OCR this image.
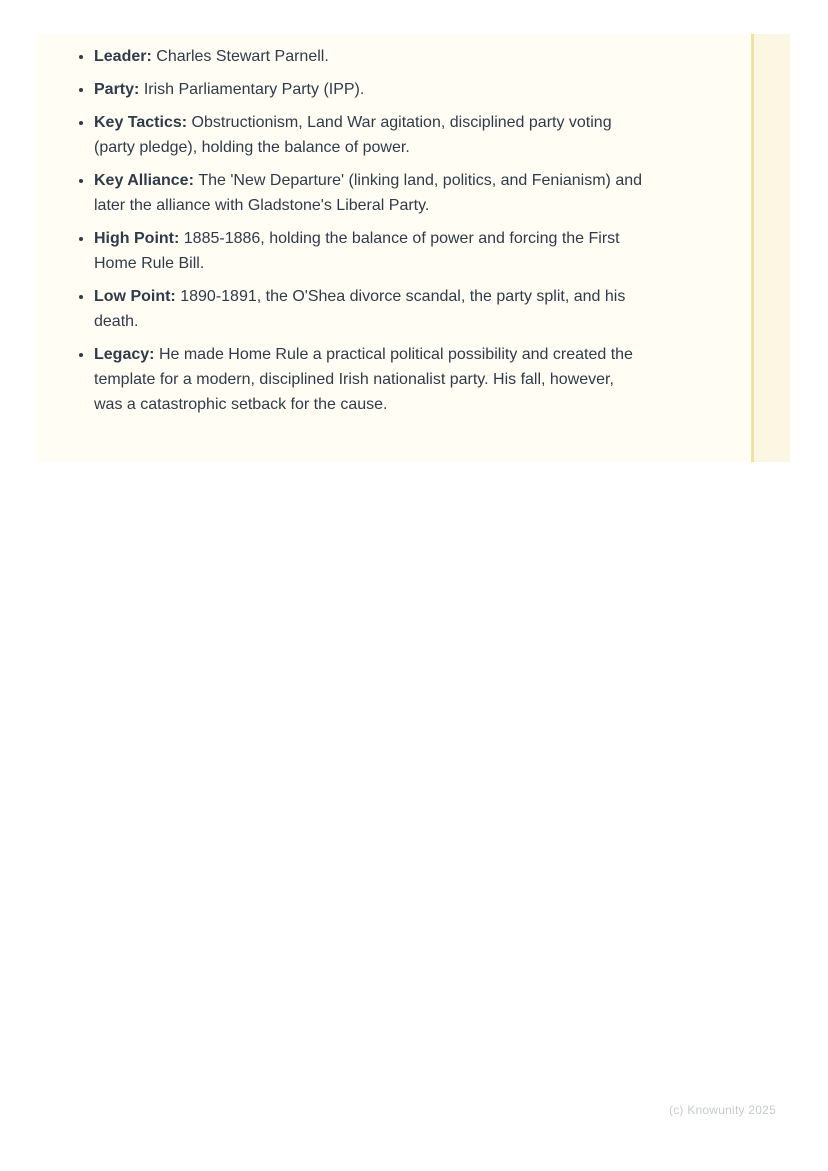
• Leader: Charles Stewart Parnell.
• Party: Irish Parliamentary Party (IPP).
• Key Tactics: Obstructionism, Land War agitation, disciplined party voting (party pledge), holding the balance of power.
• Key Alliance: The 'New Departure' (linking land, politics, and Fenianism) and later the alliance with Gladstone's Liberal Party.
• High Point: 1885-1886, holding the balance of power and forcing the First Home Rule Bill.
• Low Point: 1890-1891, the O'Shea divorce scandal, the party split, and his death.
• Legacy: He made Home Rule a practical political possibility and created the template for a modern, disciplined Irish nationalist party. His fall, however, was a catastrophic setback for the cause.
(c) Knowunity 2025
